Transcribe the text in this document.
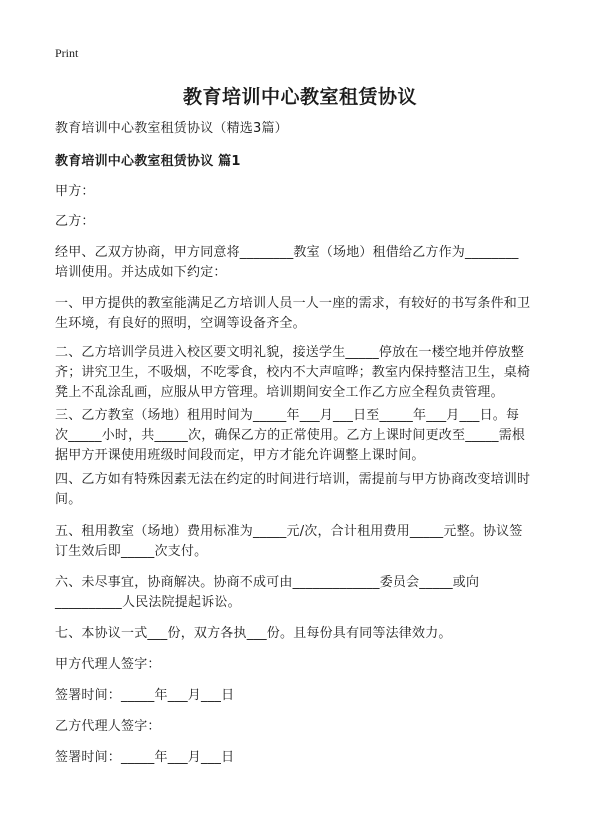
Print
教育培训中心教室租赁协议
教育培训中心教室租赁协议（精选3篇）
教育培训中心教室租赁协议 篇1
甲方：
乙方：
经甲、乙双方协商，甲方同意将________教室（场地）租借给乙方作为________
培训使用。并达成如下约定：
一、甲方提供的教室能满足乙方培训人员一人一座的需求，有较好的书写条件和卫
生环境，有良好的照明，空调等设备齐全。
二、乙方培训学员进入校区要文明礼貌，接送学生_____停放在一楼空地并停放整
齐；讲究卫生，不吸烟，不吃零食，校内不大声喧哗；教室内保持整洁卫生，桌椅
凳上不乱涂乱画，应服从甲方管理。培训期间安全工作乙方应全程负责管理。
三、乙方教室（场地）租用时间为_____年___月___日至_____年___月___日。每
次_____小时，共_____次，确保乙方的正常使用。乙方上课时间更改至_____需根
据甲方开课使用班级时间段而定，甲方才能允许调整上课时间。
四、乙方如有特殊因素无法在约定的时间进行培训，需提前与甲方协商改变培训时
间。
五、租用教室（场地）费用标准为_____元/次，合计租用费用_____元整。协议签
订生效后即_____次支付。
六、未尽事宜，协商解决。协商不成可由_____________委员会_____或向
__________人民法院提起诉讼。
七、本协议一式___份，双方各执___份。且每份具有同等法律效力。
甲方代理人签字：
签署时间：_____年___月___日
乙方代理人签字：
签署时间：_____年___月___日
